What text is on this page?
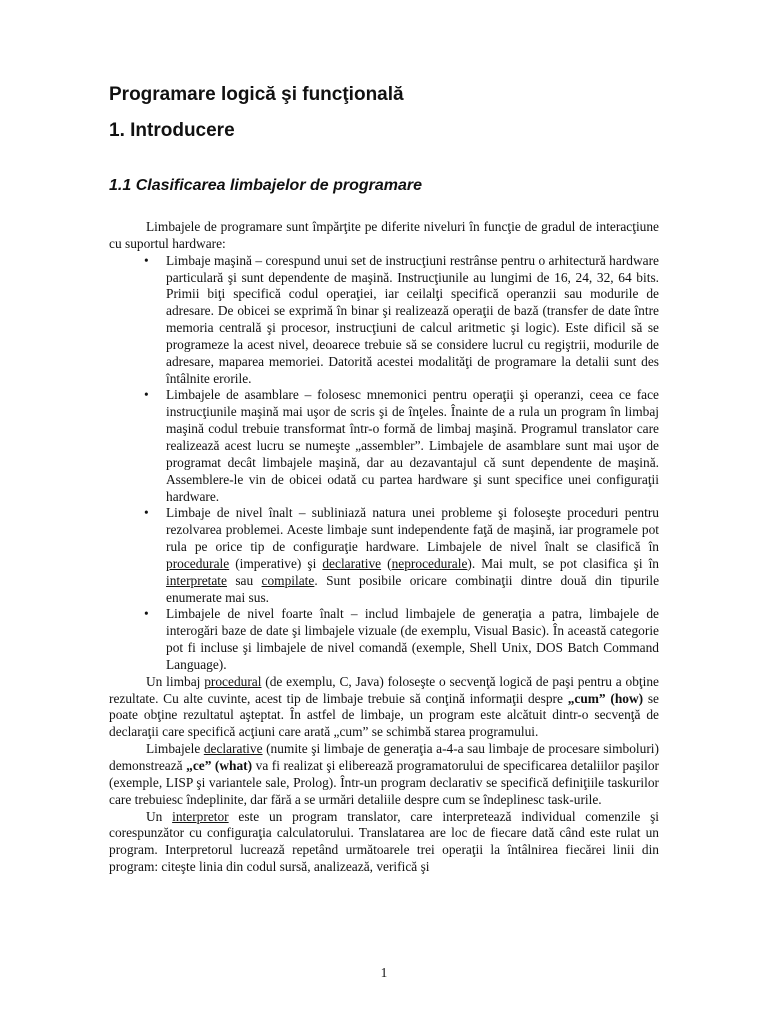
Programare logică şi funcţională
1. Introducere
1.1 Clasificarea limbajelor de programare

Limbajele de programare sunt împărţite pe diferite niveluri în funcţie de gradul de interacţiune cu suportul hardware:

• Limbaje maşină – corespund unui set de instrucţiuni restrânse pentru o arhitectură hardware particulară şi sunt dependente de maşină. Instrucţiunile au lungimi de 16, 24, 32, 64 bits. Primii biţi specifică codul operaţiei, iar ceilalţi specifică operanzii sau modurile de adresare. De obicei se exprimă în binar şi realizează operaţii de bază (transfer de date între memoria centrală şi procesor, instrucţiuni de calcul aritmetic şi logic). Este dificil să se programeze la acest nivel, deoarece trebuie să se considere lucrul cu regiştrii, modurile de adresare, maparea memoriei. Datorită acestei modalităţi de programare la detalii sunt des întâlnite erorile.
• Limbajele de asamblare – folosesc mnemonici pentru operaţii şi operanzi, ceea ce face instrucţiunile maşină mai uşor de scris şi de înţeles. Înainte de a rula un program în limbaj maşină codul trebuie transformat într-o formă de limbaj maşină. Programul translator care realizează acest lucru se numeşte „assembler”. Limbajele de asamblare sunt mai uşor de programat decât limbajele maşină, dar au dezavantajul că sunt dependente de maşină. Assemblere-le vin de obicei odată cu partea hardware şi sunt specifice unei configuraţii hardware.
• Limbaje de nivel înalt – subliniază natura unei probleme şi foloseşte proceduri pentru rezolvarea problemei. Aceste limbaje sunt independente faţă de maşină, iar programele pot rula pe orice tip de configuraţie hardware. Limbajele de nivel înalt se clasifică în procedurale (imperative) şi declarative (neprocedurale). Mai mult, se pot clasifica şi în interpretate sau compilate. Sunt posibile oricare combinaţii dintre două din tipurile enumerate mai sus.
• Limbajele de nivel foarte înalt – includ limbajele de generaţia a patra, limbajele de interogări baze de date şi limbajele vizuale (de exemplu, Visual Basic). În această categorie pot fi incluse şi limbajele de nivel comandă (exemple, Shell Unix, DOS Batch Command Language).

Un limbaj procedural (de exemplu, C, Java) foloseşte o secvenţă logică de paşi pentru a obţine rezultate. Cu alte cuvinte, acest tip de limbaje trebuie să conţină informaţii despre „cum” (how) se poate obţine rezultatul aşteptat. În astfel de limbaje, un program este alcătuit dintr-o secvenţă de declaraţii care specifică acţiuni care arată „cum” se schimbă starea programului.

Limbajele declarative (numite şi limbaje de generaţia a-4-a sau limbaje de procesare simboluri) demonstrează „ce” (what) va fi realizat şi eliberează programatorului de specificarea detaliilor paşilor (exemple, LISP şi variantele sale, Prolog). Într-un program declarativ se specifică definiţiile taskurilor care trebuiesc îndeplinite, dar fără a se urmări detaliile despre cum se îndeplinesc task-urile.

Un interpretor este un program translator, care interpretează individual comenzile şi corespunzător cu configuraţia calculatorului. Translatarea are loc de fiecare dată când este rulat un program. Interpretorul lucrează repetând următoarele trei operaţii la întâlnirea fiecărei linii din program: citeşte linia din codul sursă, analizează, verifică şi

1
